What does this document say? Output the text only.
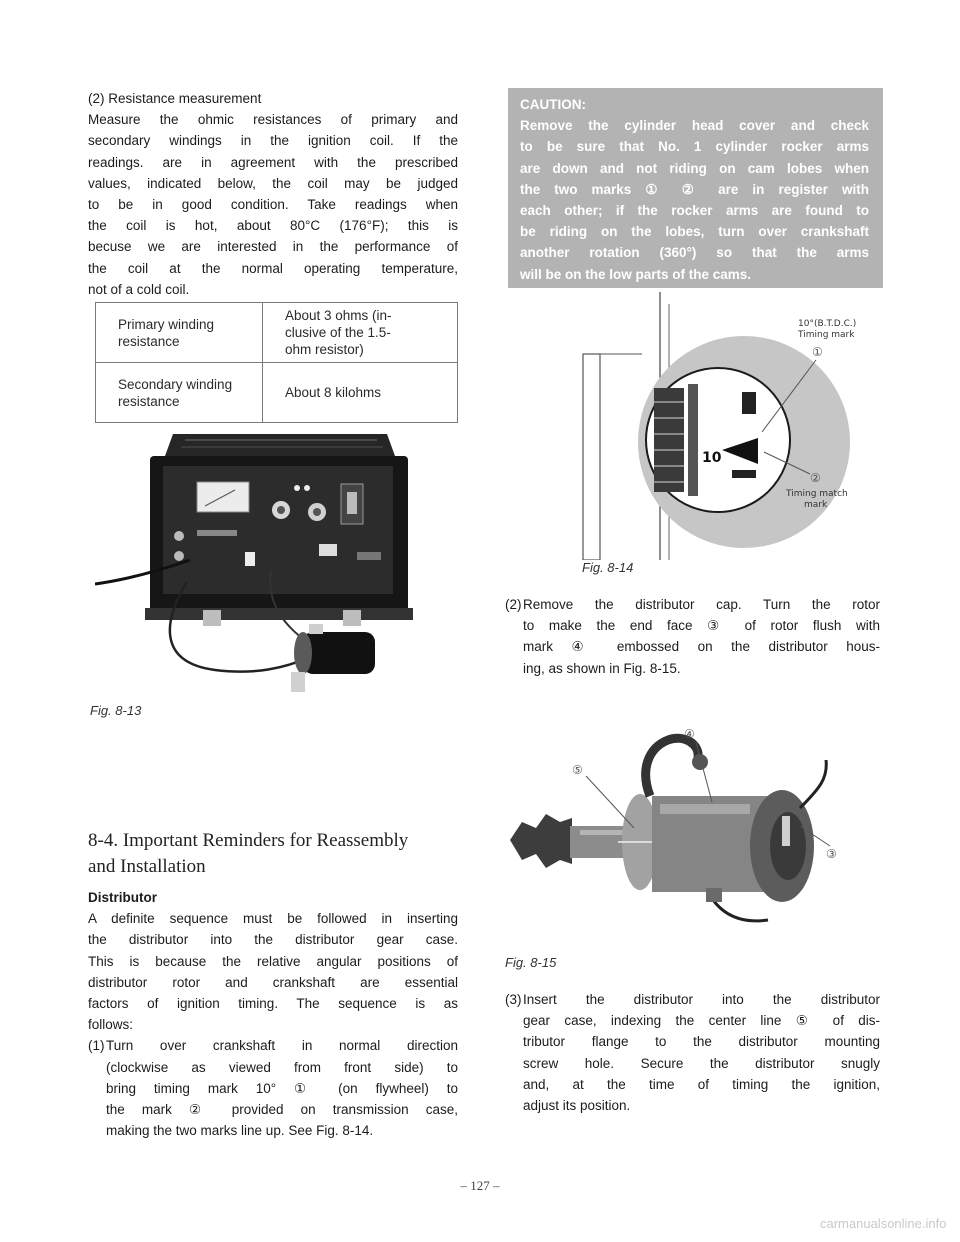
(2) Resistance measurement
Measure the ohmic resistances of primary and
secondary windings in the ignition coil. If the
readings. are in agreement with the prescribed
values, indicated below, the coil may be judged
to be in good condition. Take readings when
the coil is hot, about 80°C (176°F); this is
becuse we are interested in the performance of
the coil at the normal operating temperature,
not of a cold coil.
Primary winding
resistance	About 3 ohms (in-
clusive of the 1.5-
ohm resistor)

Secondary winding
resistance	About 8 kilohms
Fig. 8-13
8-4. Important Reminders for Reassembly
and Installation
Distributor
A definite sequence must be followed in inserting
the distributor into the distributor gear case.
This is because the relative angular positions of
distributor rotor and crankshaft are essential
factors of ignition timing. The sequence is as
follows:
(1) Turn over crankshaft in normal direction
(clockwise as viewed from front side) to
bring timing mark 10° ① (on flywheel) to
the mark ② provided on transmission case,
making the two marks line up. See Fig. 8-14.
CAUTION:
Remove the cylinder head cover and check
to be sure that No. 1 cylinder rocker arms
are down and not riding on cam lobes when
the two marks ① ② are in register with
each other; if the rocker arms are found to
be riding on the lobes, turn over crankshaft
another rotation (360°) so that the arms
will be on the low parts of the cams.
10
10°(B.T.D.C.)
Timing mark
①
②
Timing match
mark
Fig. 8-14
(2) Remove the distributor cap. Turn the rotor
to make the end face ③ of rotor flush with
mark ④ embossed on the distributor hous-
ing, as shown in Fig. 8-15.
④
⑤
③
Fig. 8-15
(3) Insert the distributor into the distributor
gear case, indexing the center line ⑤ of dis-
tributor flange to the distributor mounting
screw hole. Secure the distributor snugly
and, at the time of timing the ignition,
adjust its position.
– 127 –
carmanualsonline.info
